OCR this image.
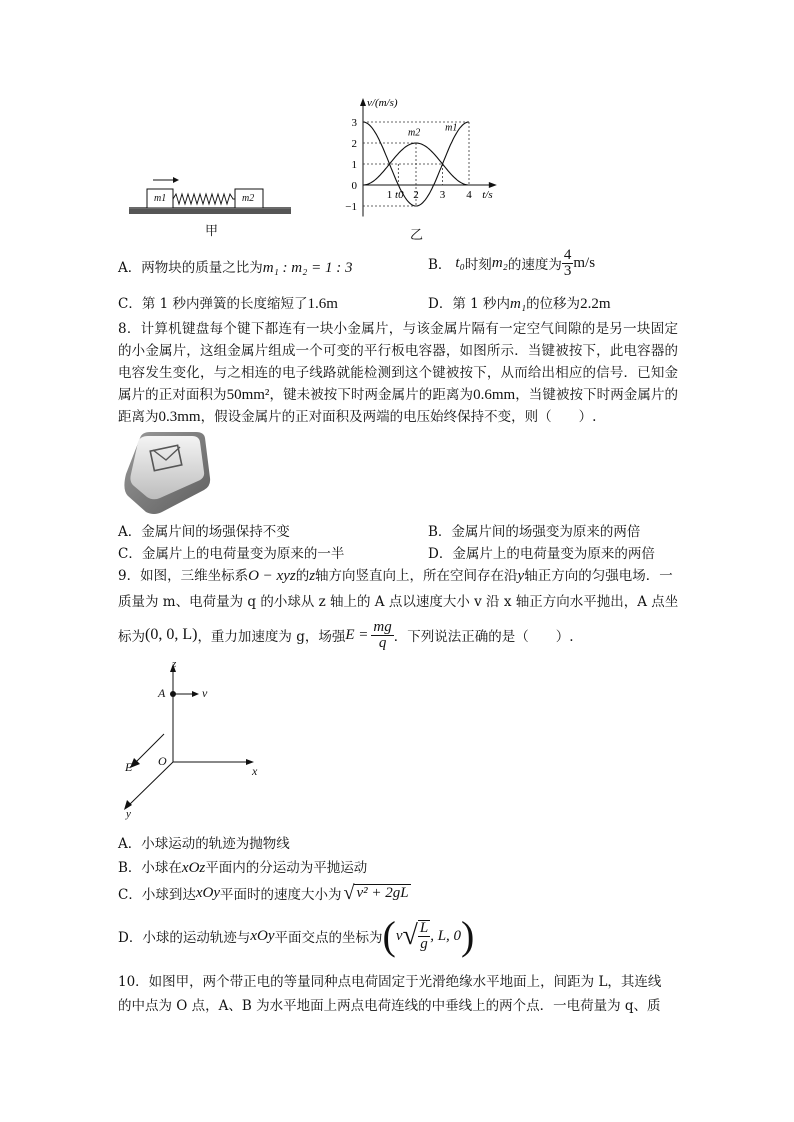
m1	m2
甲
3
2
1
0
−1
1 t0 2 3 4
v/(m/s)
t/s
m2 m1
乙
A．两物块的质量之比为m₁ : m₂ = 1 : 3	B． t₀ 时刻 m₂ 的速度为 $\frac{4}{3} m/s$
C．第 1 秒内弹簧的长度缩短了1.6m	D．第 1 秒内m₁的位移为2.2m
8．计算机键盘每个键下都连有一块小金属片，与该金属片隔有一定空气间隙的是另一块固定的小金属片，这组金属片组成一个可变的平行板电容器，如图所示．当键被按下，此电容器的电容发生变化，与之相连的电子线路就能检测到这个键被按下，从而给出相应的信号．已知金属片的正对面积为50mm²，键未被按下时两金属片的距离为0.6mm，当键被按下时两金属片的距离为0.3mm，假设金属片的正对面积及两端的电压始终保持不变，则（　　）.
A．金属片间的场强保持不变	B．金属片间的场强变为原来的两倍
C．金属片上的电荷量变为原来的一半	D．金属片上的电荷量变为原来的两倍
9．如图，三维坐标系O − xyz的z轴方向竖直向上，所在空间存在沿y轴正方向的匀强电场．一
质量为 m、电荷量为 q 的小球从 z 轴上的 A 点以速度大小 v 沿 x 轴正方向水平抛出，A 点坐
标为 (0, 0, L) ，重力加速度为 g，场强 $E = \frac{mg}{q}$ ．下列说法正确的是（　　）.
z
A	v
E O
x
y
A．小球运动的轨迹为抛物线
B．小球在xOz平面内的分运动为平抛运动
C．小球到达 xOy 平面时的速度大小为 √ v² + 2gL
D．小球的运动轨迹与 xOy 平面交点的坐标为 ( v √ $\frac{L}{g}$ , L, 0 )
10．如图甲，两个带正电的等量同种点电荷固定于光滑绝缘水平地面上，间距为 L，其连线
的中点为 O 点，A、B 为水平地面上两点电荷连线的中垂线上的两个点．一电荷量为 q、质
